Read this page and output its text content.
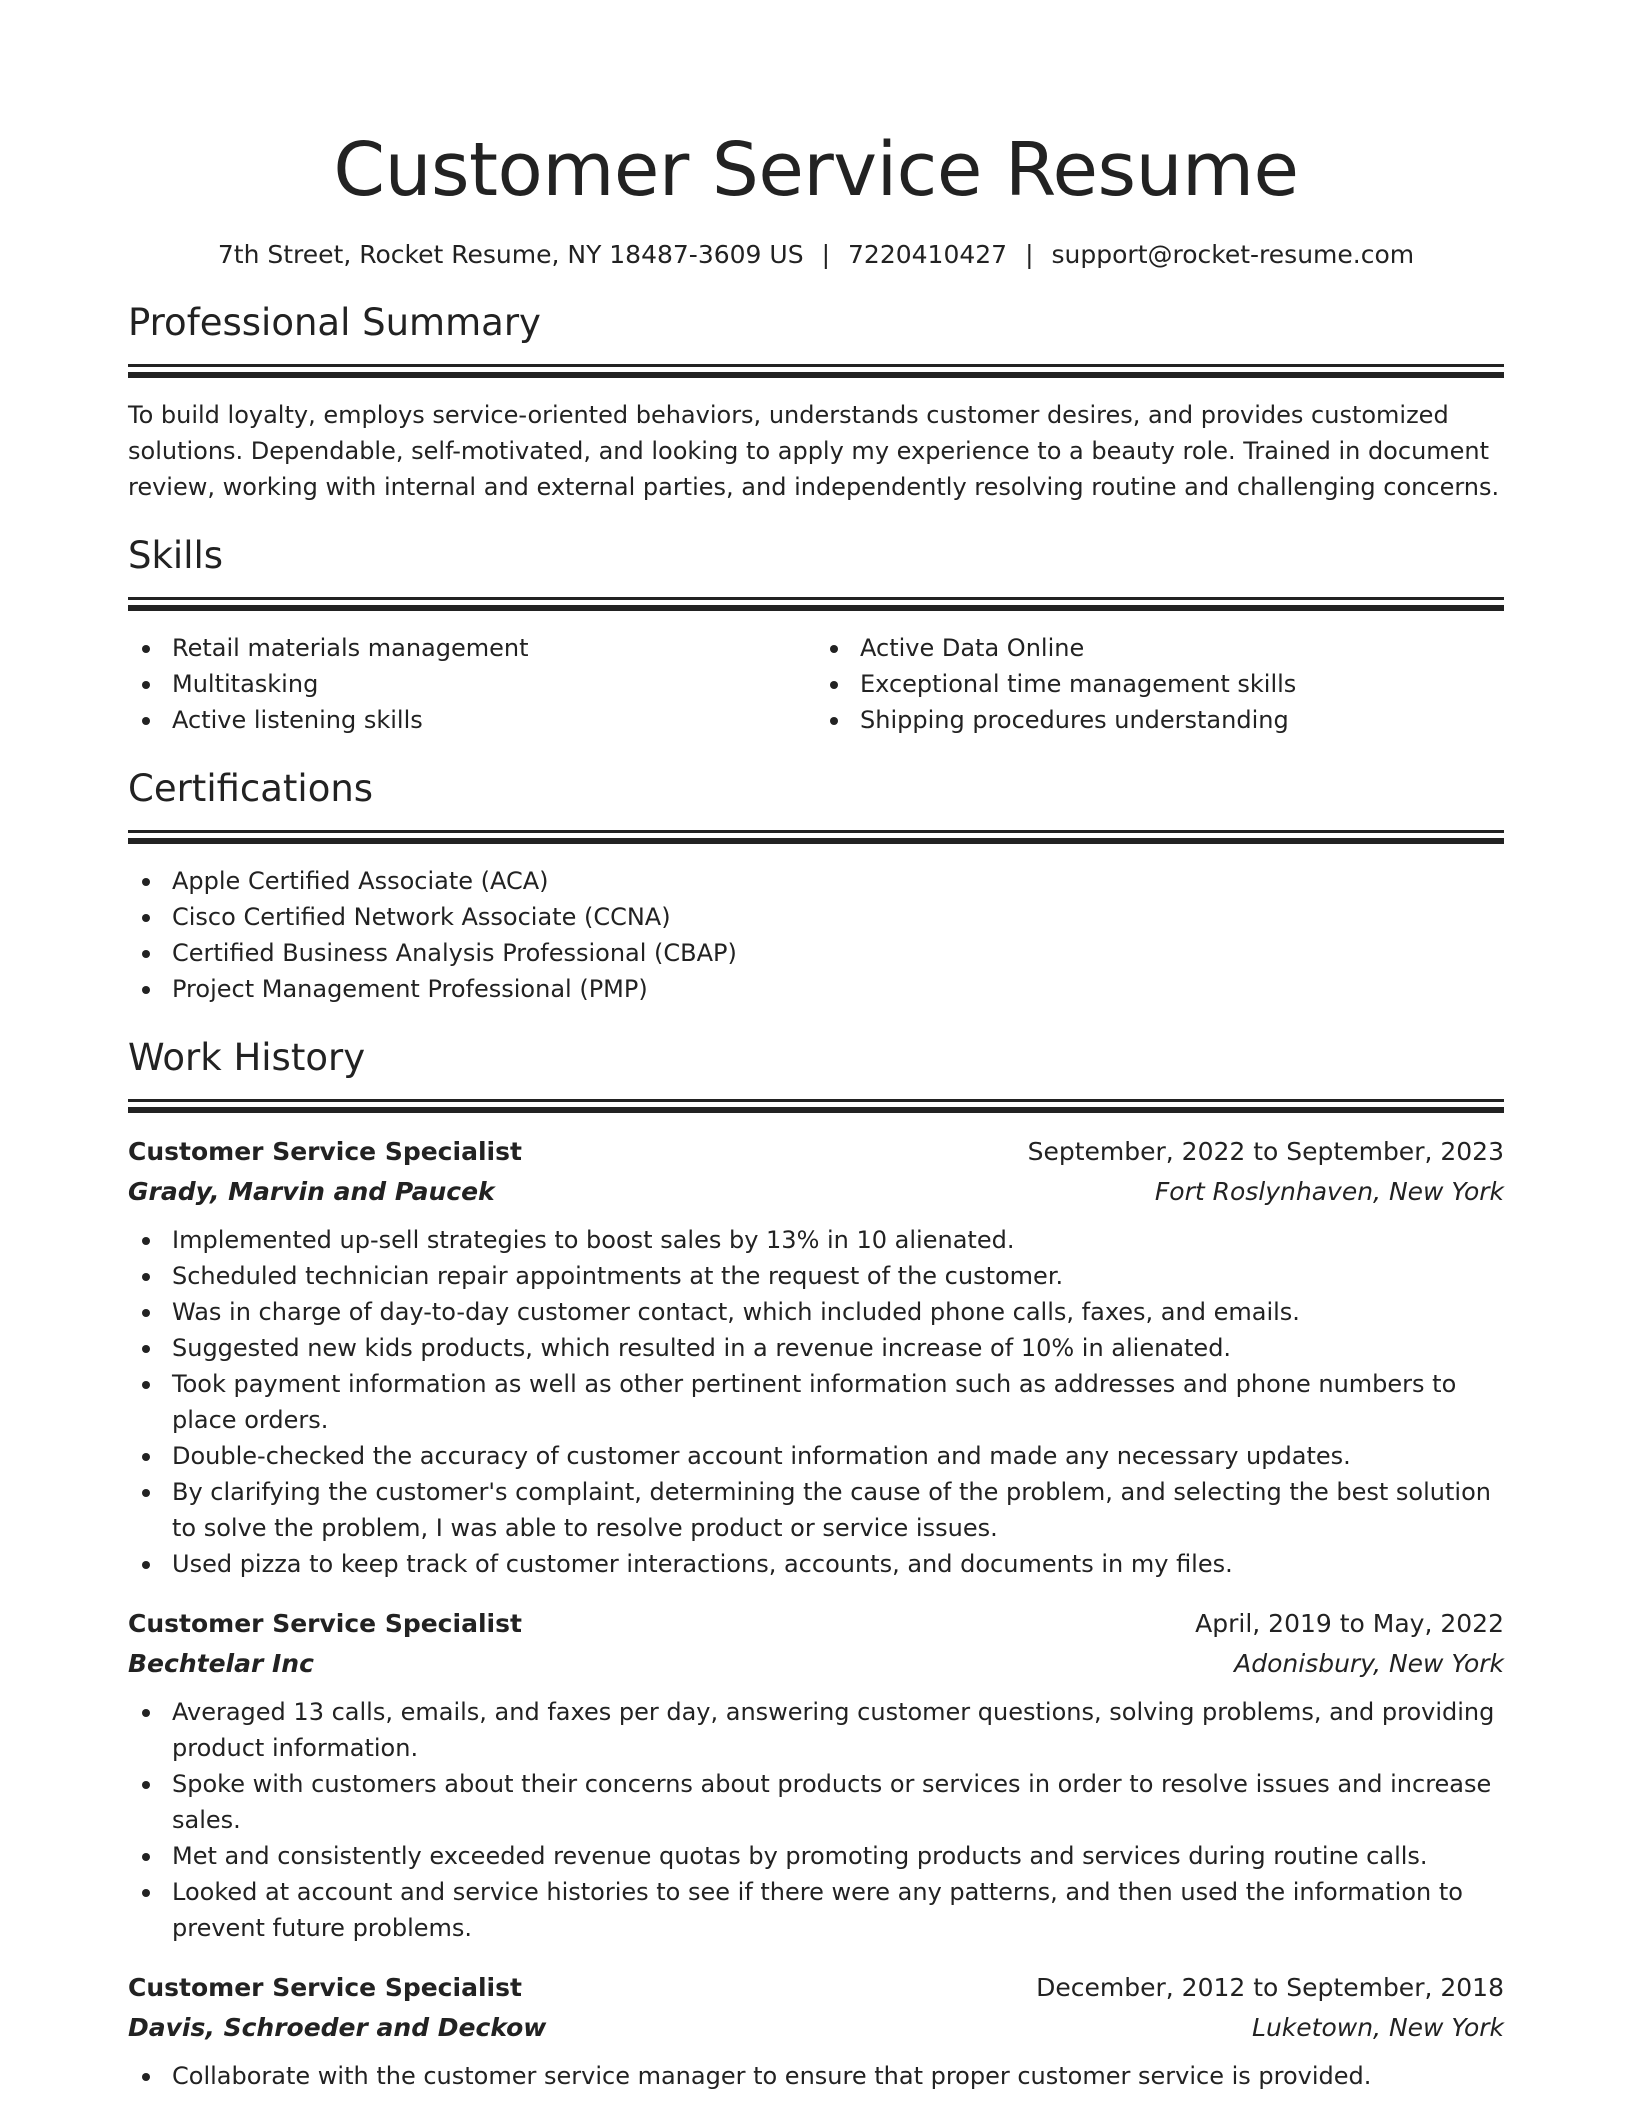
Customer Service Resume
7th Street, Rocket Resume, NY 18487-3609 US | 7220410427 | support@rocket-resume.com
Professional Summary

To build loyalty, employs service-oriented behaviors, understands customer desires, and provides customized solutions. Dependable, self-motivated, and looking to apply my experience to a beauty role. Trained in document review, working with internal and external parties, and independently resolving routine and challenging concerns.

Skills
Retail materials management
Multitasking
Active listening skills
Active Data Online
Exceptional time management skills
Shipping procedures understanding
Certifications
Apple Certified Associate (ACA)
Cisco Certified Network Associate (CCNA)
Certified Business Analysis Professional (CBAP)
Project Management Professional (PMP)
Work History
Customer Service Specialist	September, 2022 to September, 2023
Grady, Marvin and Paucek	Fort Roslynhaven, New York
Implemented up-sell strategies to boost sales by 13% in 10 alienated.
Scheduled technician repair appointments at the request of the customer.
Was in charge of day-to-day customer contact, which included phone calls, faxes, and emails.
Suggested new kids products, which resulted in a revenue increase of 10% in alienated.
Took payment information as well as other pertinent information such as addresses and phone numbers to place orders.
Double-checked the accuracy of customer account information and made any necessary updates.
By clarifying the customer's complaint, determining the cause of the problem, and selecting the best solution to solve the problem, I was able to resolve product or service issues.
Used pizza to keep track of customer interactions, accounts, and documents in my files.
Customer Service Specialist	April, 2019 to May, 2022
Bechtelar Inc	Adonisbury, New York
Averaged 13 calls, emails, and faxes per day, answering customer questions, solving problems, and providing product information.
Spoke with customers about their concerns about products or services in order to resolve issues and increase sales.
Met and consistently exceeded revenue quotas by promoting products and services during routine calls.
Looked at account and service histories to see if there were any patterns, and then used the information to prevent future problems.
Customer Service Specialist	December, 2012 to September, 2018
Davis, Schroeder and Deckow	Luketown, New York
Collaborate with the customer service manager to ensure that proper customer service is provided.
